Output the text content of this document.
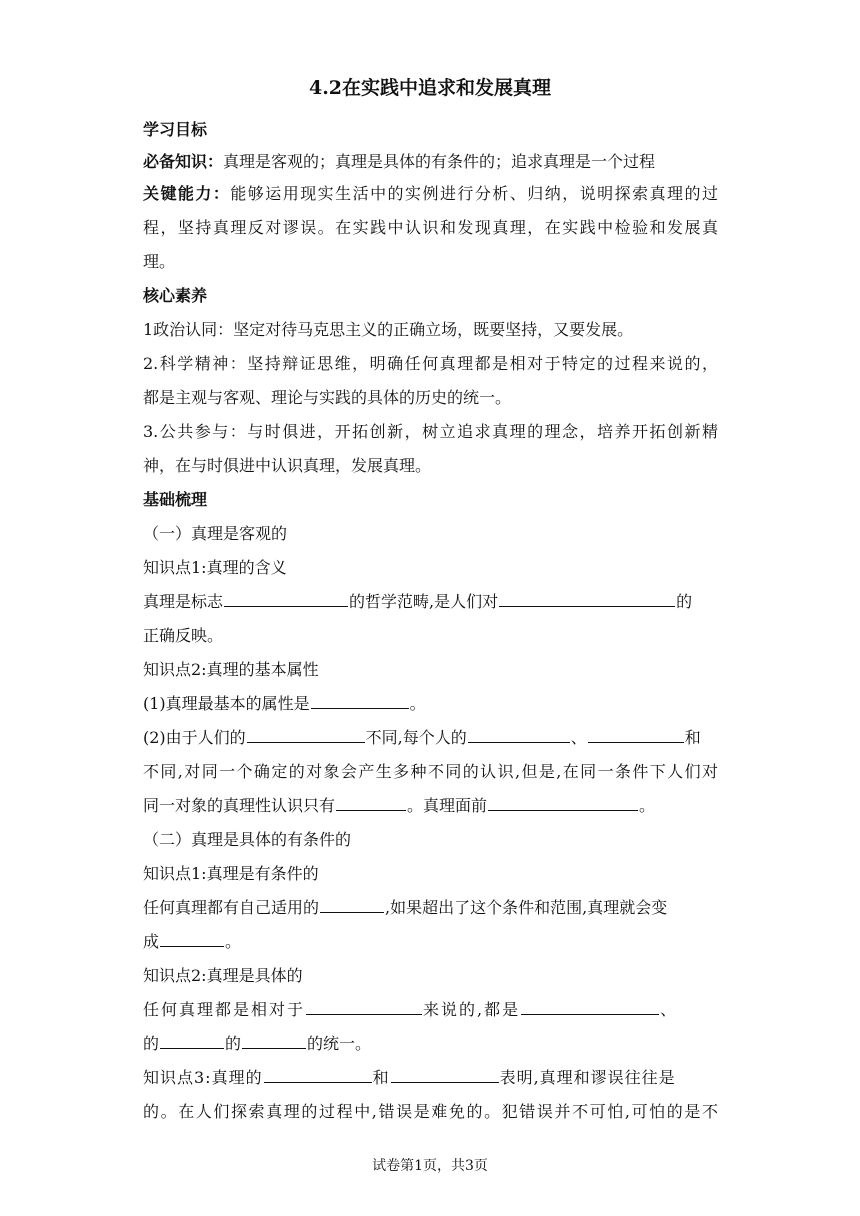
4.2在实践中追求和发展真理
学习目标
必备知识：真理是客观的；真理是具体的有条件的；追求真理是一个过程
关键能力：能够运用现实生活中的实例进行分析、归纳，说明探索真理的过
程，坚持真理反对谬误。在实践中认识和发现真理，在实践中检验和发展真
理。
核心素养
1政治认同：坚定对待马克思主义的正确立场，既要坚持，又要发展。
2.科学精神：坚持辩证思维，明确任何真理都是相对于特定的过程来说的，
都是主观与客观、理论与实践的具体的历史的统一。
3.公共参与：与时俱进，开拓创新，树立追求真理的理念，培养开拓创新精
神，在与时俱进中认识真理，发展真理。
基础梳理
（一）真理是客观的
知识点1:真理的含义
真理是标志	的哲学范畴,是人们对	的
正确反映。
知识点2:真理的基本属性
(1)真理最基本的属性是	。
(2)由于人们的	不同,每个人的	、	和
不同,对同一个确定的对象会产生多种不同的认识,但是,在同一条件下人们对
同一对象的真理性认识只有	。真理面前	。
（二）真理是具体的有条件的
知识点1:真理是有条件的
任何真理都有自己适用的	,如果超出了这个条件和范围,真理就会变
成	。
知识点2:真理是具体的
任何真理都是相对于	来说的,都是	、
的	的	的统一。
知识点3:真理的	和	表明,真理和谬误往往是
的。在人们探索真理的过程中,错误是难免的。犯错误并不可怕,可怕的是不
试卷第1页，共3页
